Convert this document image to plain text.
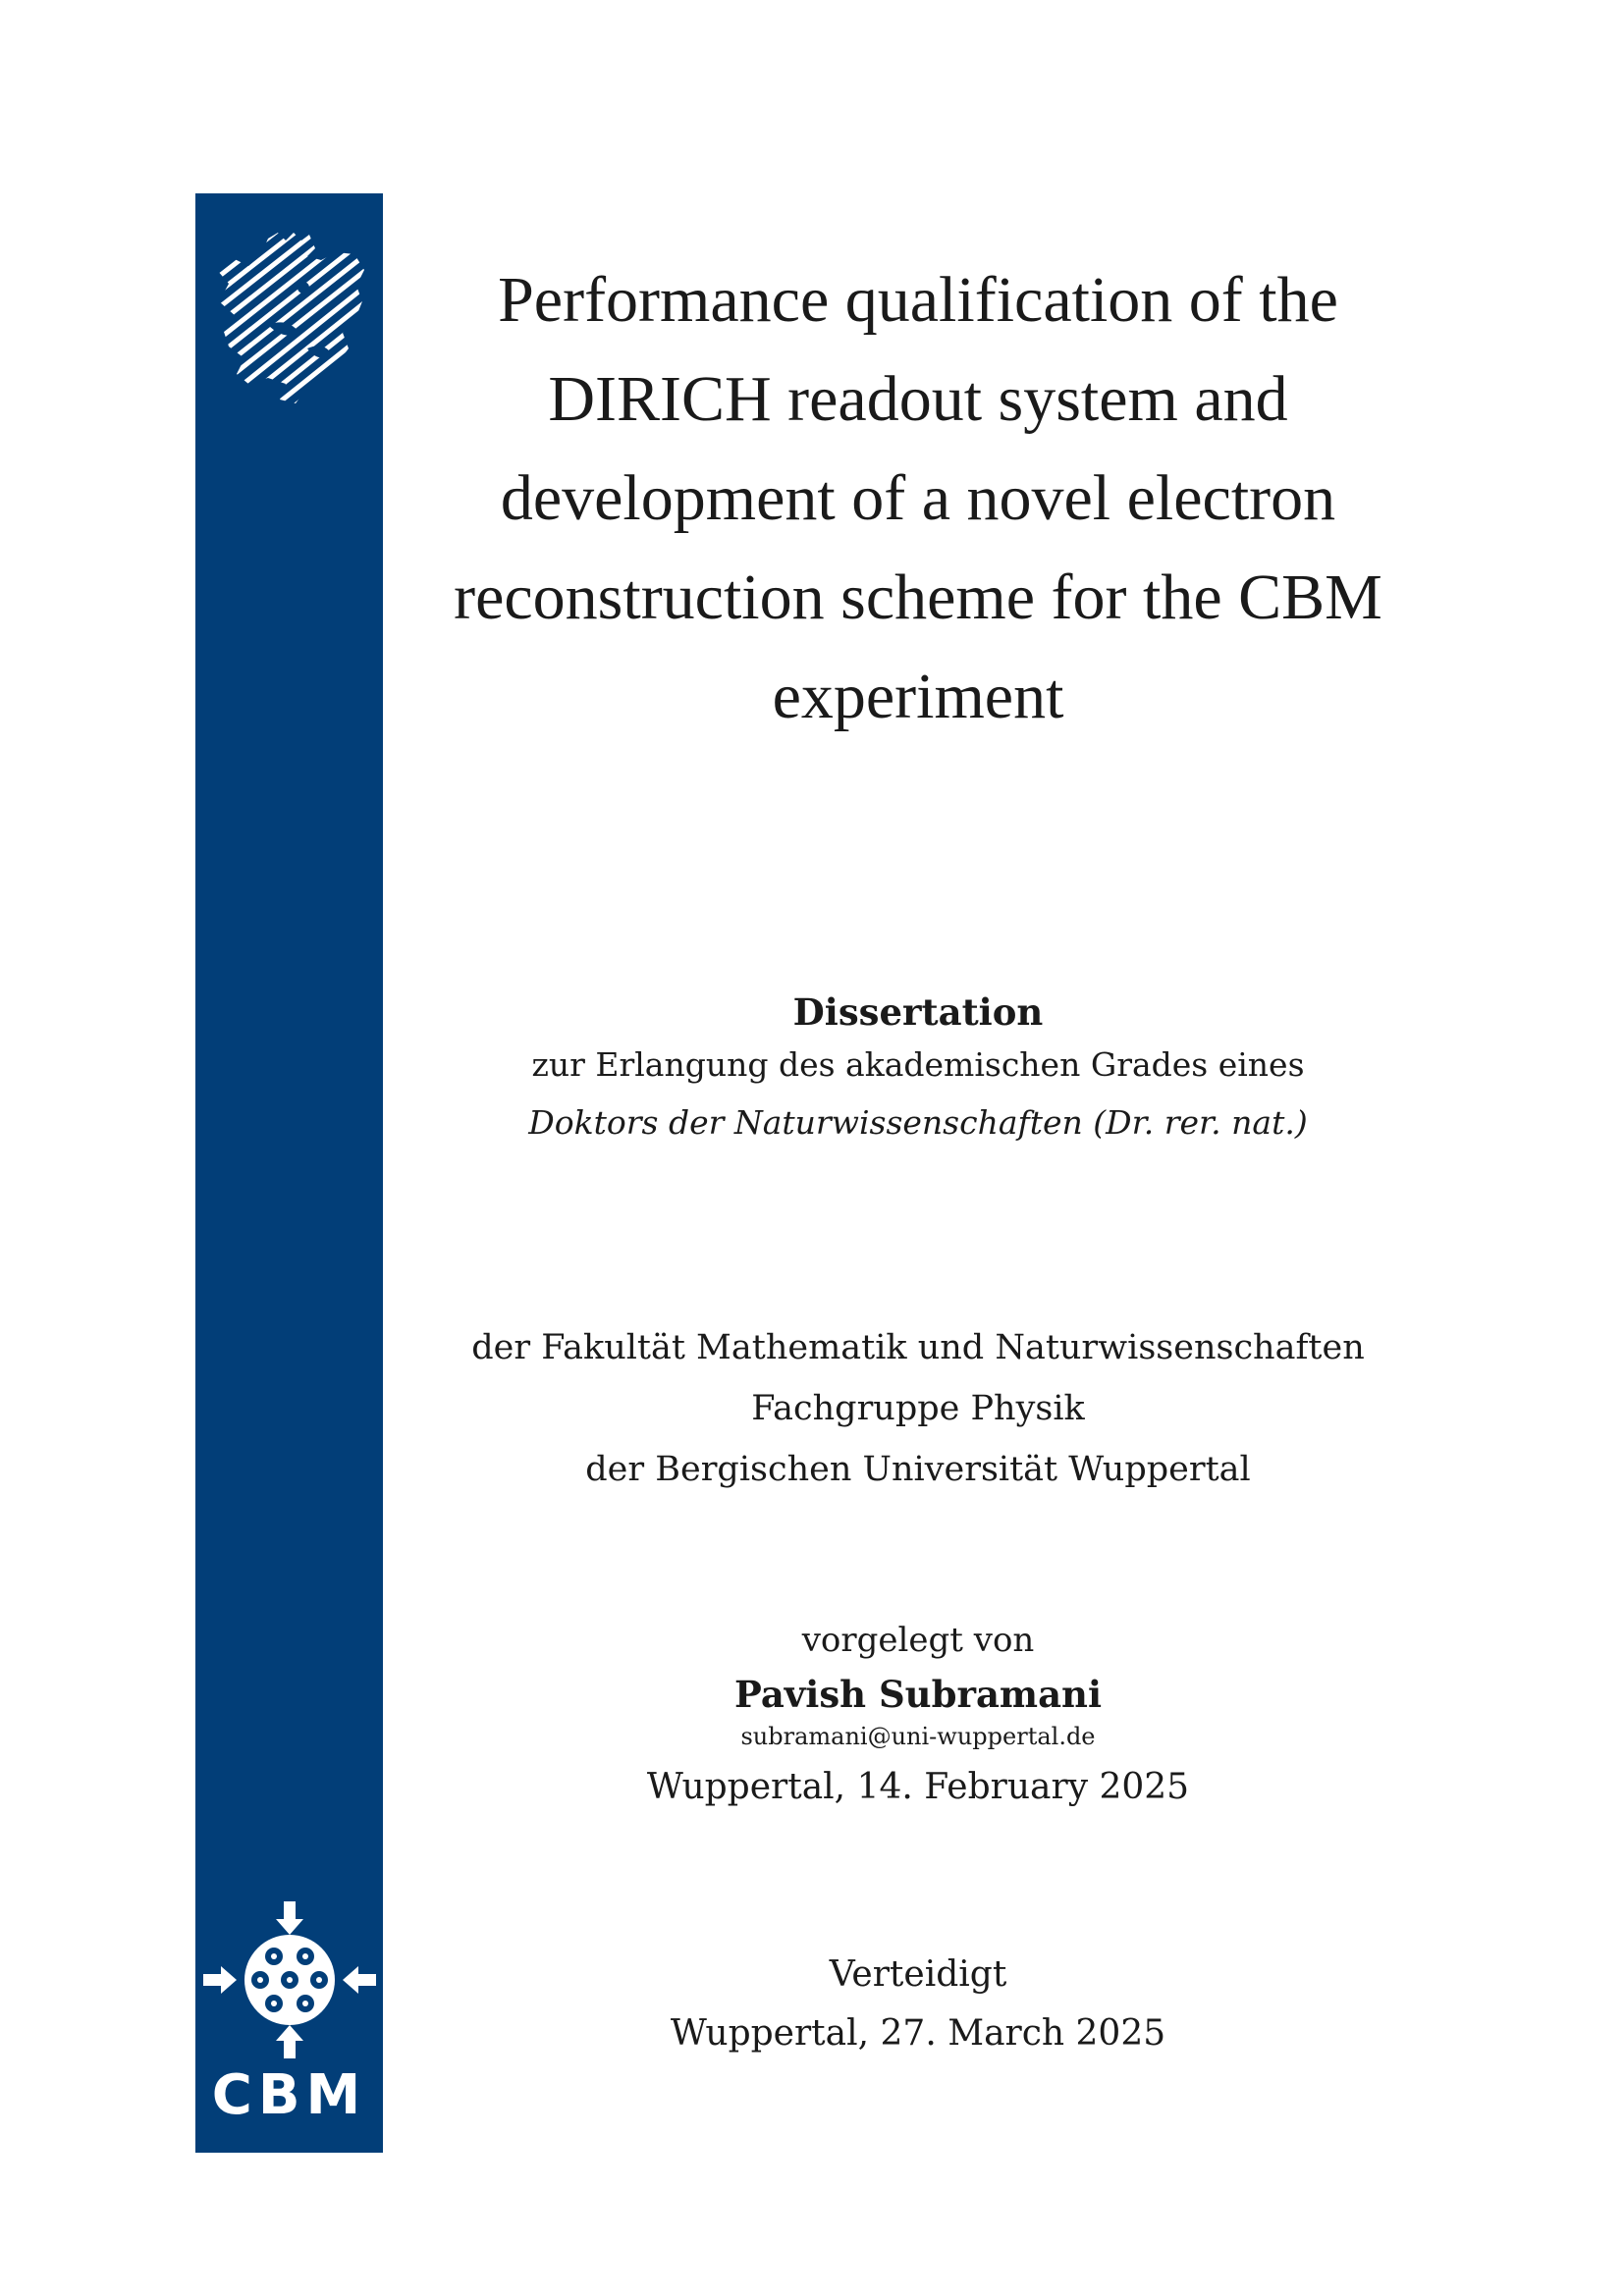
CBM
Performance qualification of the DIRICH readout system and development of a novel electron reconstruction scheme for the CBM experiment
Dissertation
zur Erlangung des akademischen Grades eines
Doktors der Naturwissenschaften (Dr. rer. nat.)
der Fakultät Mathematik und Naturwissenschaften
Fachgruppe Physik
der Bergischen Universität Wuppertal
vorgelegt von
Pavish Subramani
subramani@uni-wuppertal.de
Wuppertal, 14. February 2025
Verteidigt
Wuppertal, 27. March 2025
